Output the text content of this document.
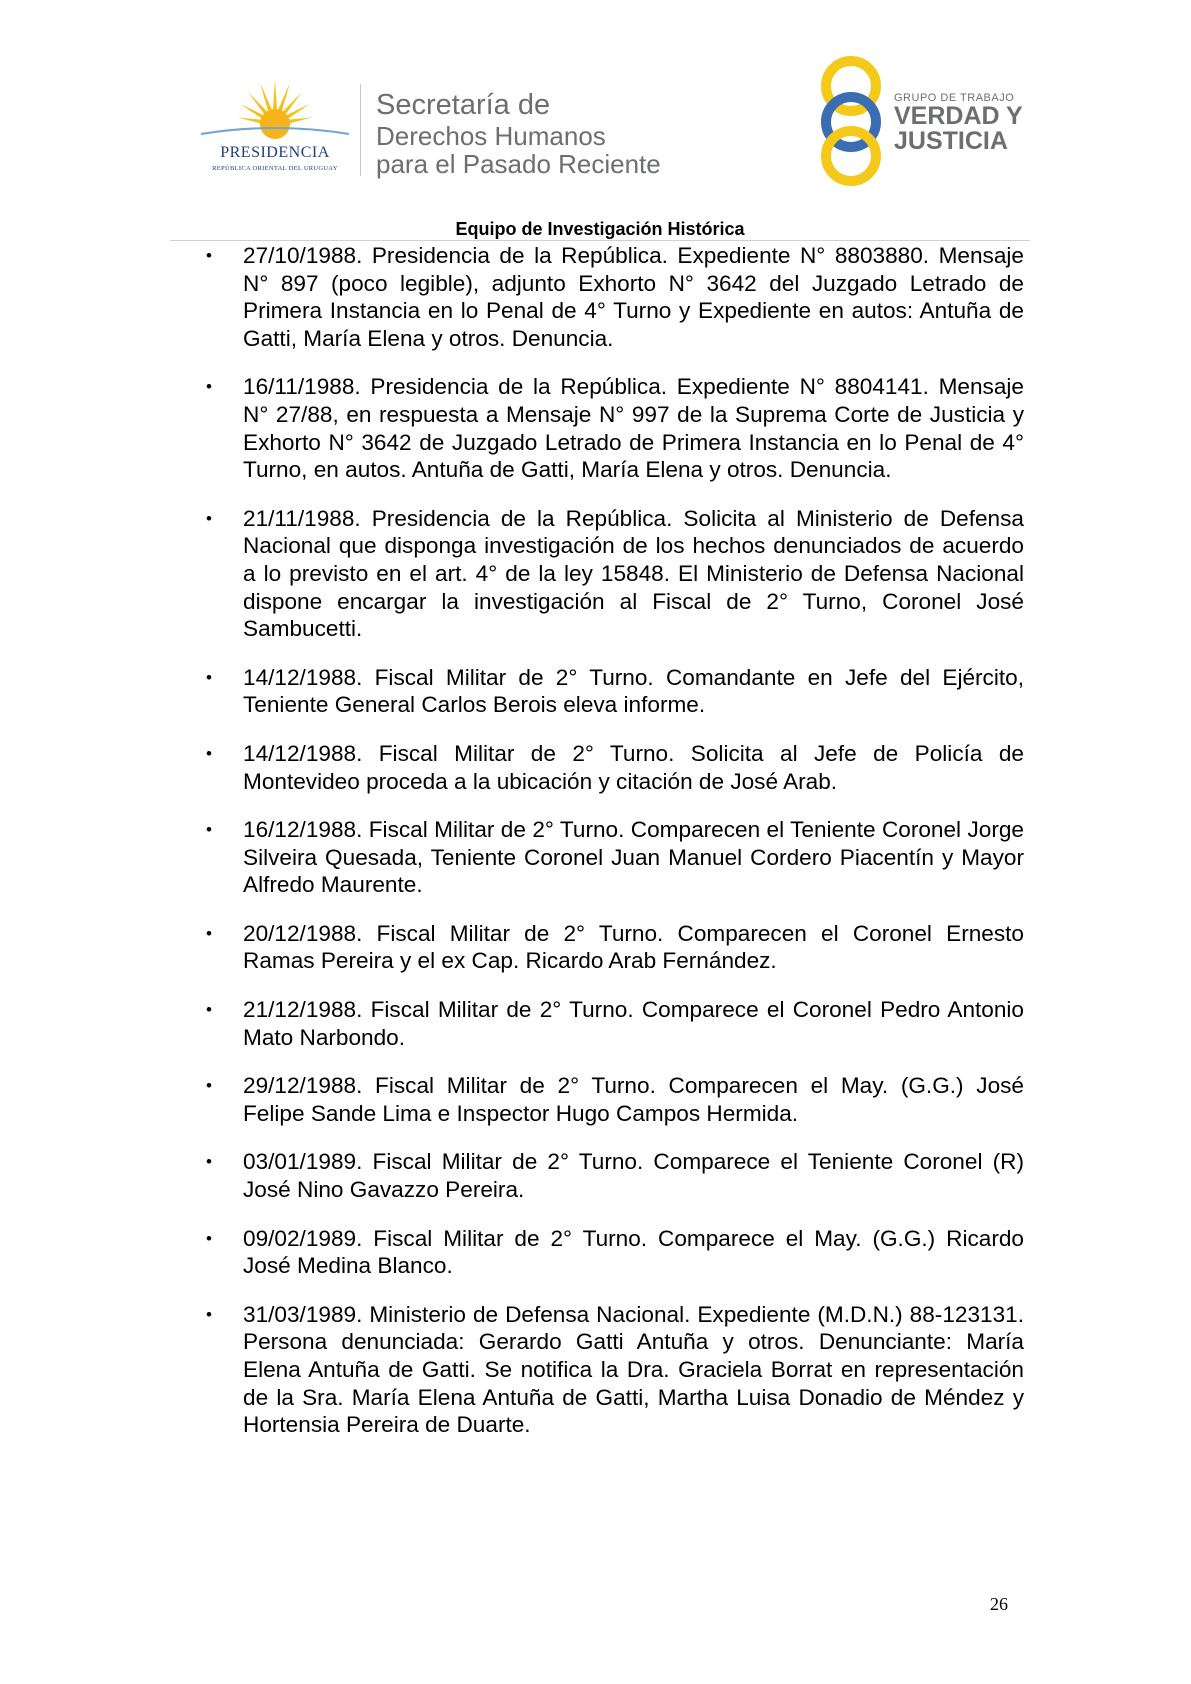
PRESIDENCIA
REPÚBLICA ORIENTAL DEL URUGUAY
Secretaría de
Derechos Humanos
para el Pasado Reciente
GRUPO DE TRABAJO
VERDAD Y
JUSTICIA
Equipo de Investigación Histórica
• 27/10/1988. Presidencia de la República. Expediente N° 8803880. Mensaje N° 897 (poco legible), adjunto Exhorto N° 3642 del Juzgado Letrado de Primera Instancia en lo Penal de 4° Turno y Expediente en autos: Antuña de Gatti, María Elena y otros. Denuncia.
• 16/11/1988. Presidencia de la República. Expediente N° 8804141. Mensaje N° 27/88, en respuesta a Mensaje N° 997 de la Suprema Corte de Justicia y Exhorto N° 3642 de Juzgado Letrado de Primera Instancia en lo Penal de 4° Turno, en autos. Antuña de Gatti, María Elena y otros. Denuncia.
• 21/11/1988. Presidencia de la República. Solicita al Ministerio de Defensa Nacional que disponga investigación de los hechos denunciados de acuerdo a lo previsto en el art. 4° de la ley 15848. El Ministerio de Defensa Nacional dispone encargar la investigación al Fiscal de 2° Turno, Coronel José Sambucetti.
• 14/12/1988. Fiscal Militar de 2° Turno. Comandante en Jefe del Ejército, Teniente General Carlos Berois eleva informe.
• 14/12/1988. Fiscal Militar de 2° Turno. Solicita al Jefe de Policía de Montevideo proceda a la ubicación y citación de José Arab.
• 16/12/1988. Fiscal Militar de 2° Turno. Comparecen el Teniente Coronel Jorge Silveira Quesada, Teniente Coronel Juan Manuel Cordero Piacentín y Mayor Alfredo Maurente.
• 20/12/1988. Fiscal Militar de 2° Turno. Comparecen el Coronel Ernesto Ramas Pereira y el ex Cap. Ricardo Arab Fernández.
• 21/12/1988. Fiscal Militar de 2° Turno. Comparece el Coronel Pedro Antonio Mato Narbondo.
• 29/12/1988. Fiscal Militar de 2° Turno. Comparecen el May. (G.G.) José Felipe Sande Lima e Inspector Hugo Campos Hermida.
• 03/01/1989. Fiscal Militar de 2° Turno. Comparece el Teniente Coronel (R) José Nino Gavazzo Pereira.
• 09/02/1989. Fiscal Militar de 2° Turno. Comparece el May. (G.G.) Ricardo José Medina Blanco.
• 31/03/1989. Ministerio de Defensa Nacional. Expediente (M.D.N.) 88-123131. Persona denunciada: Gerardo Gatti Antuña y otros. Denunciante: María Elena Antuña de Gatti. Se notifica la Dra. Graciela Borrat en representación de la Sra. María Elena Antuña de Gatti, Martha Luisa Donadio de Méndez y Hortensia Pereira de Duarte.
26
